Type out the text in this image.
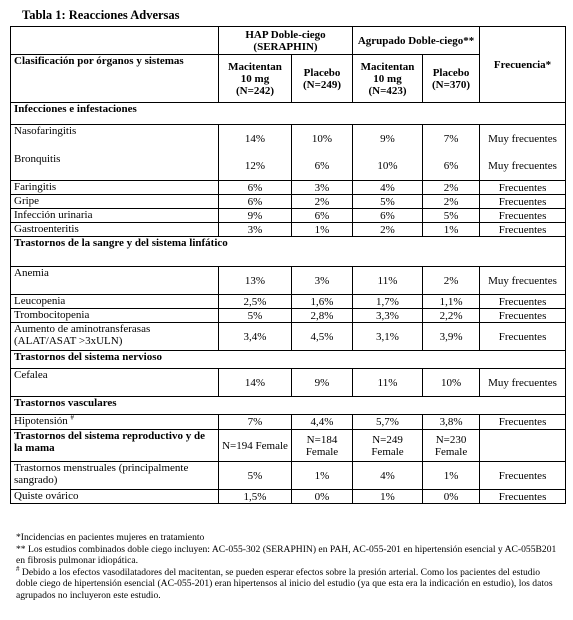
Tabla 1: Reacciones Adversas
	HAP Doble-ciego (SERAPHIN)		Agrupado Doble-ciego**		Frecuencia*
Clasificación por órganos y sistemas	Macitentan 10 mg (N=242)	Placebo (N=249)	Macitentan 10 mg (N=423)	Placebo (N=370)	
Infecciones e infestaciones					
Nasofaringitis	14%	10%	9%	7%	Muy frecuentes
Bronquitis	12%	6%	10%	6%	Muy frecuentes
Faringitis	6%	3%	4%	2%	Frecuentes
Gripe	6%	2%	5%	2%	Frecuentes
Infección urinaria	9%	6%	6%	5%	Frecuentes
Gastroenteritis	3%	1%	2%	1%	Frecuentes
Trastornos de la sangre y del sistema linfático					
Anemia	13%	3%	11%	2%	Muy frecuentes
Leucopenia	2,5%	1,6%	1,7%	1,1%	Frecuentes
Trombocitopenia	5%	2,8%	3,3%	2,2%	Frecuentes
Aumento de aminotransferasas (ALAT/ASAT >3xULN)	3,4%	4,5%	3,1%	3,9%	Frecuentes
Trastornos del sistema nervioso					
Cefalea	14%	9%	11%	10%	Muy frecuentes
Trastornos vasculares					
Hipotensión #	7%	4,4%	5,7%	3,8%	Frecuentes
Trastornos del sistema reproductivo y de la mama	N=194 Female	N=184 Female	N=249 Female	N=230 Female	
Trastornos menstruales (principalmente sangrado)	5%	1%	4%	1%	Frecuentes
Quiste ovárico	1,5%	0%	1%	0%	Frecuentes
*Incidencias en pacientes mujeres en tratamiento
** Los estudios combinados doble ciego incluyen: AC-055-302 (SERAPHIN) en PAH, AC-055-201 en hipertensión esencial y AC-055B201 en fibrosis pulmonar idiopática.
# Debido a los efectos vasodilatadores del macitentan, se pueden esperar efectos sobre la presión arterial. Como los pacientes del estudio doble ciego de hipertensión esencial (AC-055-201) eran hipertensos al inicio del estudio (ya que esta era la indicación en estudio), los datos agrupados no incluyeron este estudio.
